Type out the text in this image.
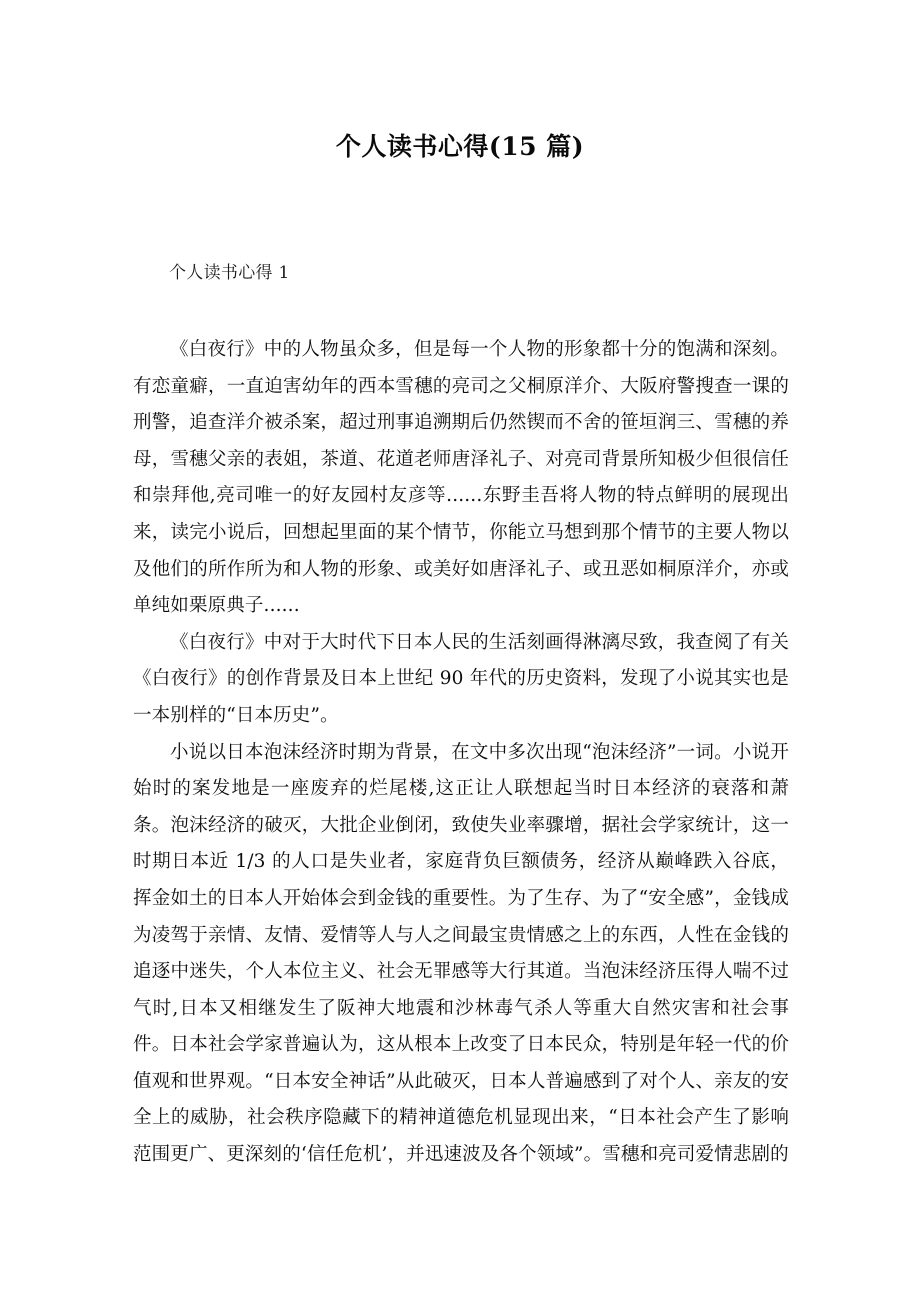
个人读书心得(15 篇)
个人读书心得 1

《白夜行》中的人物虽众多，但是每一个人物的形象都十分的饱满和深刻。有恋童癖，一直迫害幼年的西本雪穗的亮司之父桐原洋介、大阪府警搜查一课的刑警，追查洋介被杀案，超过刑事追溯期后仍然锲而不舍的笹垣润三、雪穗的养母，雪穗父亲的表姐，茶道、花道老师唐泽礼子、对亮司背景所知极少但很信任和崇拜他,亮司唯一的好友园村友彦等......东野圭吾将人物的特点鲜明的展现出来，读完小说后，回想起里面的某个情节，你能立马想到那个情节的主要人物以及他们的所作所为和人物的形象、或美好如唐泽礼子、或丑恶如桐原洋介，亦或单纯如栗原典子......

《白夜行》中对于大时代下日本人民的生活刻画得淋漓尽致，我查阅了有关《白夜行》的创作背景及日本上世纪 90 年代的历史资料，发现了小说其实也是一本别样的“日本历史”。

小说以日本泡沫经济时期为背景，在文中多次出现“泡沫经济”一词。小说开始时的案发地是一座废弃的烂尾楼,这正让人联想起当时日本经济的衰落和萧条。泡沫经济的破灭，大批企业倒闭，致使失业率骤增，据社会学家统计，这一时期日本近 1/3 的人口是失业者，家庭背负巨额债务，经济从巅峰跌入谷底，挥金如土的日本人开始体会到金钱的重要性。为了生存、为了“安全感”，金钱成为凌驾于亲情、友情、爱情等人与人之间最宝贵情感之上的东西，人性在金钱的追逐中迷失，个人本位主义、社会无罪感等大行其道。当泡沫经济压得人喘不过气时,日本又相继发生了阪神大地震和沙林毒气杀人等重大自然灾害和社会事件。日本社会学家普遍认为，这从根本上改变了日本民众，特别是年轻一代的价值观和世界观。“日本安全神话”从此破灭，日本人普遍感到了对个人、亲友的安全上的威胁，社会秩序隐藏下的精神道德危机显现出来，“日本社会产生了影响范围更广、更深刻的‘信任危机’，并迅速波及各个领域”。雪穗和亮司爱情悲剧的
